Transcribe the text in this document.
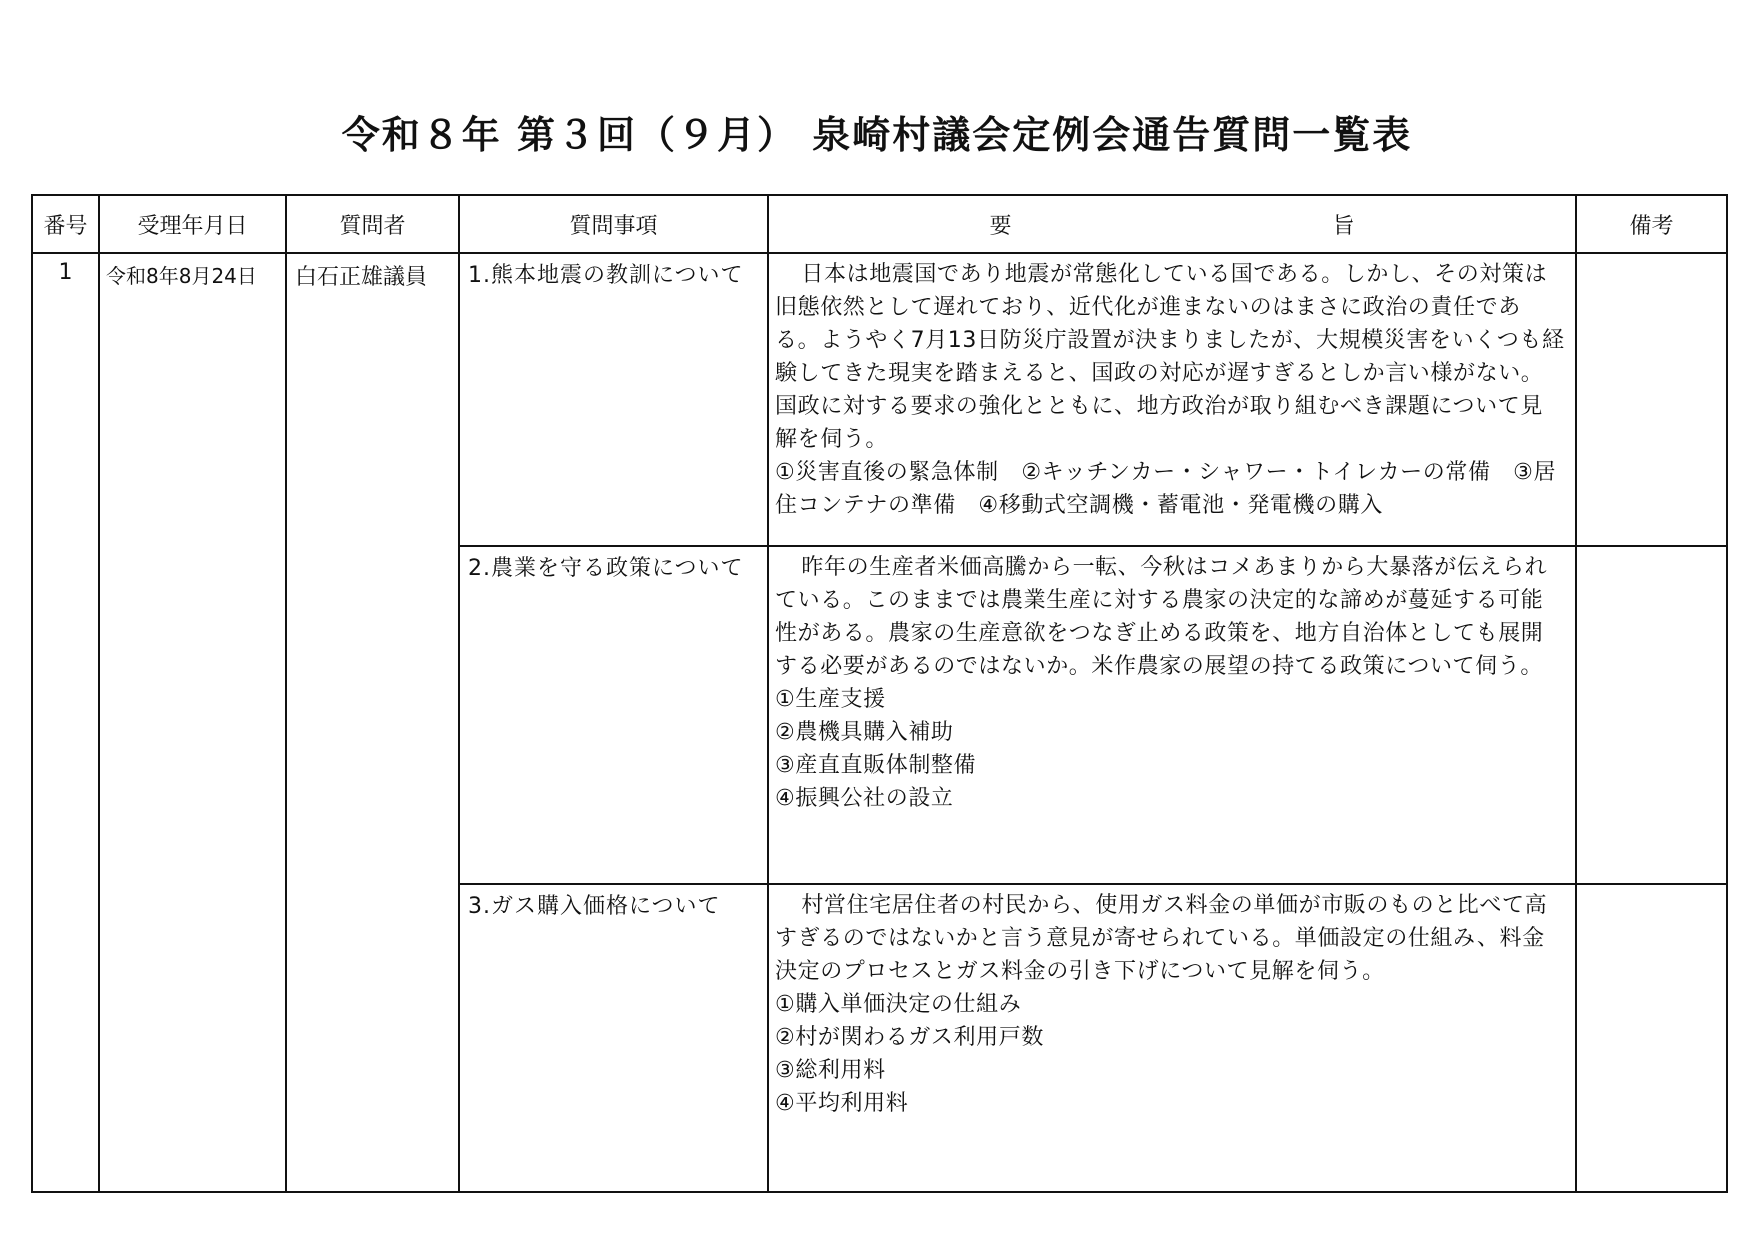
令和８年 第３回（９月） 泉崎村議会定例会通告質問一覧表
番号	受理年月日	質問者	質問事項	要 旨	備考
1	令和8年8月24日	白石正雄議員	1.熊本地震の教訓について	日本は地震国であり地震が常態化している国である。しかし、その対策は旧態依然として遅れており、近代化が進まないのはまさに政治の責任である。ようやく7月13日防災庁設置が決まりましたが、大規模災害をいくつも経験してきた現実を踏まえると、国政の対応が遅すぎるとしか言い様がない。国政に対する要求の強化とともに、地方政治が取り組むべき課題について見解を伺う。

①災害直後の緊急体制　②キッチンカー・シャワー・トイレカーの常備　③居住コンテナの準備　④移動式空調機・蓄電池・発電機の購入	

			2.農業を守る政策について	昨年の生産者米価高騰から一転、今秋はコメあまりから大暴落が伝えられている。このままでは農業生産に対する農家の決定的な諦めが蔓延する可能性がある。農家の生産意欲をつなぎ止める政策を、地方自治体としても展開する必要があるのではないか。米作農家の展望の持てる政策について伺う。

①生産支援

②農機具購入補助

③産直直販体制整備

④振興公社の設立	

			3.ガス購入価格について	村営住宅居住者の村民から、使用ガス料金の単価が市販のものと比べて高すぎるのではないかと言う意見が寄せられている。単価設定の仕組み、料金決定のプロセスとガス料金の引き下げについて見解を伺う。

①購入単価決定の仕組み

②村が関わるガス利用戸数

③総利用料

④平均利用料	
